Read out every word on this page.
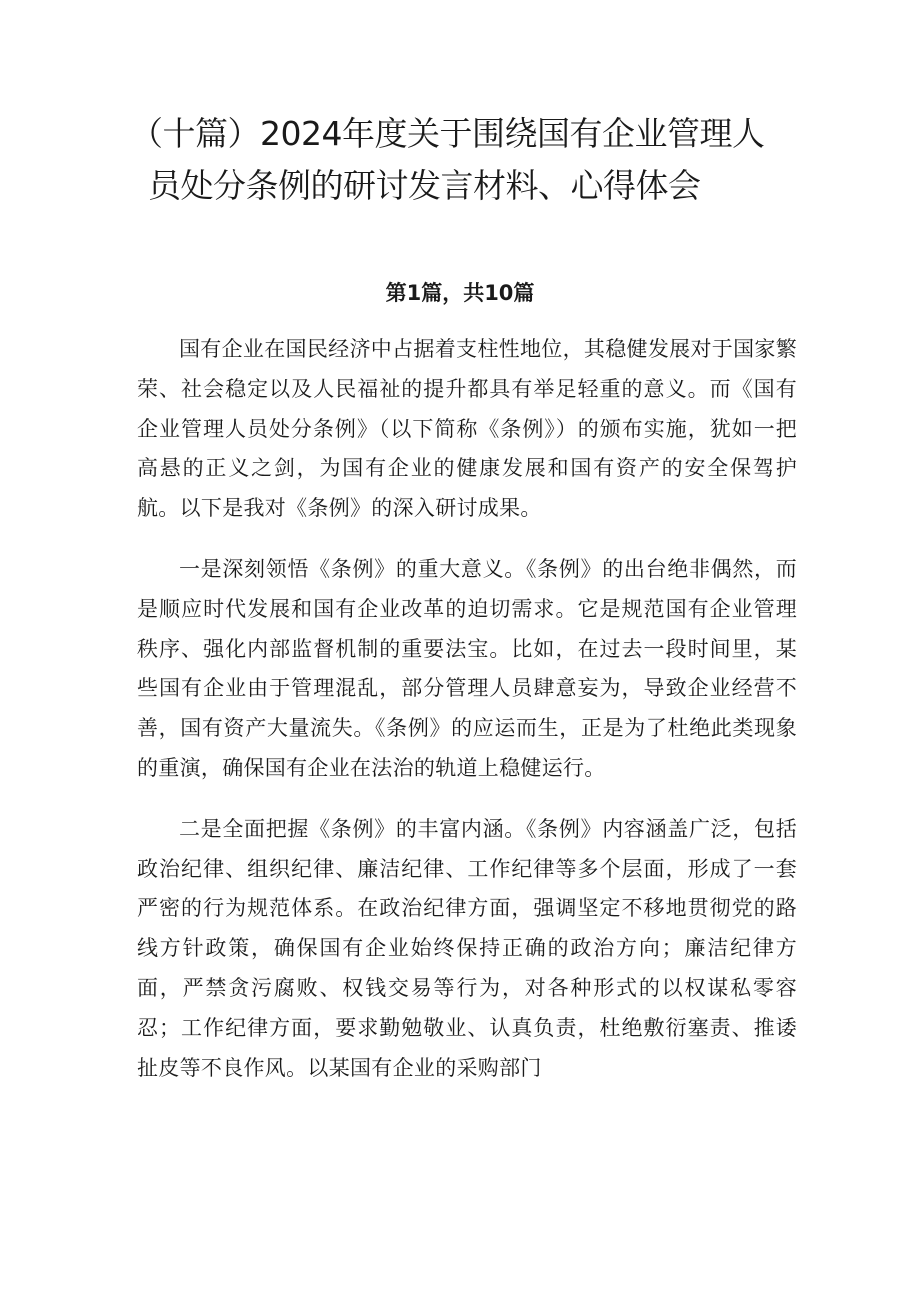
（十篇）2024年度关于围绕国有企业管理人
员处分条例的研讨发言材料、心得体会
第1篇，共10篇

国有企业在国民经济中占据着支柱性地位，其稳健发展对于国家繁荣、社会稳定以及人民福祉的提升都具有举足轻重的意义。而《国有企业管理人员处分条例》（以下简称《条例》）的颁布实施，犹如一把高悬的正义之剑，为国有企业的健康发展和国有资产的安全保驾护航。以下是我对《条例》的深入研讨成果。

一是深刻领悟《条例》的重大意义。《条例》的出台绝非偶然，而是顺应时代发展和国有企业改革的迫切需求。它是规范国有企业管理秩序、强化内部监督机制的重要法宝。比如，在过去一段时间里，某些国有企业由于管理混乱，部分管理人员肆意妄为，导致企业经营不善，国有资产大量流失。《条例》的应运而生，正是为了杜绝此类现象的重演，确保国有企业在法治的轨道上稳健运行。

二是全面把握《条例》的丰富内涵。《条例》内容涵盖广泛，包括政治纪律、组织纪律、廉洁纪律、工作纪律等多个层面，形成了一套严密的行为规范体系。在政治纪律方面，强调坚定不移地贯彻党的路线方针政策，确保国有企业始终保持正确的政治方向；廉洁纪律方面，严禁贪污腐败、权钱交易等行为，对各种形式的以权谋私零容忍；工作纪律方面，要求勤勉敬业、认真负责，杜绝敷衍塞责、推诿扯皮等不良作风。以某国有企业的采购部门
